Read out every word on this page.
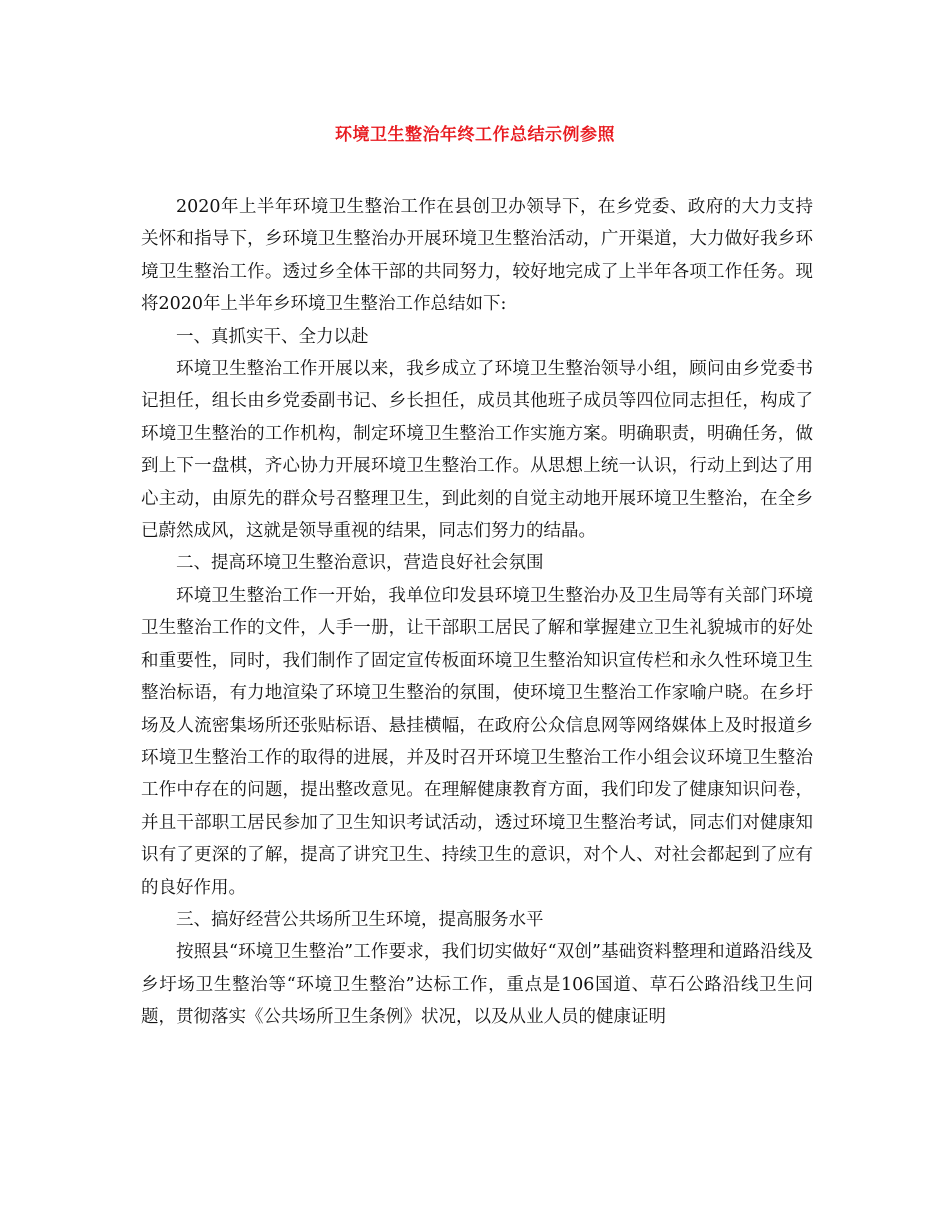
环境卫生整治年终工作总结示例参照

2020年上半年环境卫生整治工作在县创卫办领导下，在乡党委、政府的大力支持关怀和指导下，乡环境卫生整治办开展环境卫生整治活动，广开渠道，大力做好我乡环境卫生整治工作。透过乡全体干部的共同努力，较好地完成了上半年各项工作任务。现将2020年上半年乡环境卫生整治工作总结如下:

一、真抓实干、全力以赴

环境卫生整治工作开展以来，我乡成立了环境卫生整治领导小组，顾问由乡党委书记担任，组长由乡党委副书记、乡长担任，成员其他班子成员等四位同志担任，构成了环境卫生整治的工作机构，制定环境卫生整治工作实施方案。明确职责，明确任务，做到上下一盘棋，齐心协力开展环境卫生整治工作。从思想上统一认识，行动上到达了用心主动，由原先的群众号召整理卫生，到此刻的自觉主动地开展环境卫生整治，在全乡已蔚然成风，这就是领导重视的结果，同志们努力的结晶。

二、提高环境卫生整治意识，营造良好社会氛围

环境卫生整治工作一开始，我单位印发县环境卫生整治办及卫生局等有关部门环境卫生整治工作的文件，人手一册，让干部职工居民了解和掌握建立卫生礼貌城市的好处和重要性，同时，我们制作了固定宣传板面环境卫生整治知识宣传栏和永久性环境卫生整治标语，有力地渲染了环境卫生整治的氛围，使环境卫生整治工作家喻户晓。在乡圩场及人流密集场所还张贴标语、悬挂横幅，在政府公众信息网等网络媒体上及时报道乡环境卫生整治工作的取得的进展，并及时召开环境卫生整治工作小组会议环境卫生整治工作中存在的问题，提出整改意见。在理解健康教育方面，我们印发了健康知识问卷，并且干部职工居民参加了卫生知识考试活动，透过环境卫生整治考试，同志们对健康知识有了更深的了解，提高了讲究卫生、持续卫生的意识，对个人、对社会都起到了应有的良好作用。

三、搞好经营公共场所卫生环境，提高服务水平

按照县“环境卫生整治”工作要求，我们切实做好“双创”基础资料整理和道路沿线及乡圩场卫生整治等“环境卫生整治”达标工作，重点是106国道、草石公路沿线卫生问题，贯彻落实《公共场所卫生条例》状况，以及从业人员的健康证明
